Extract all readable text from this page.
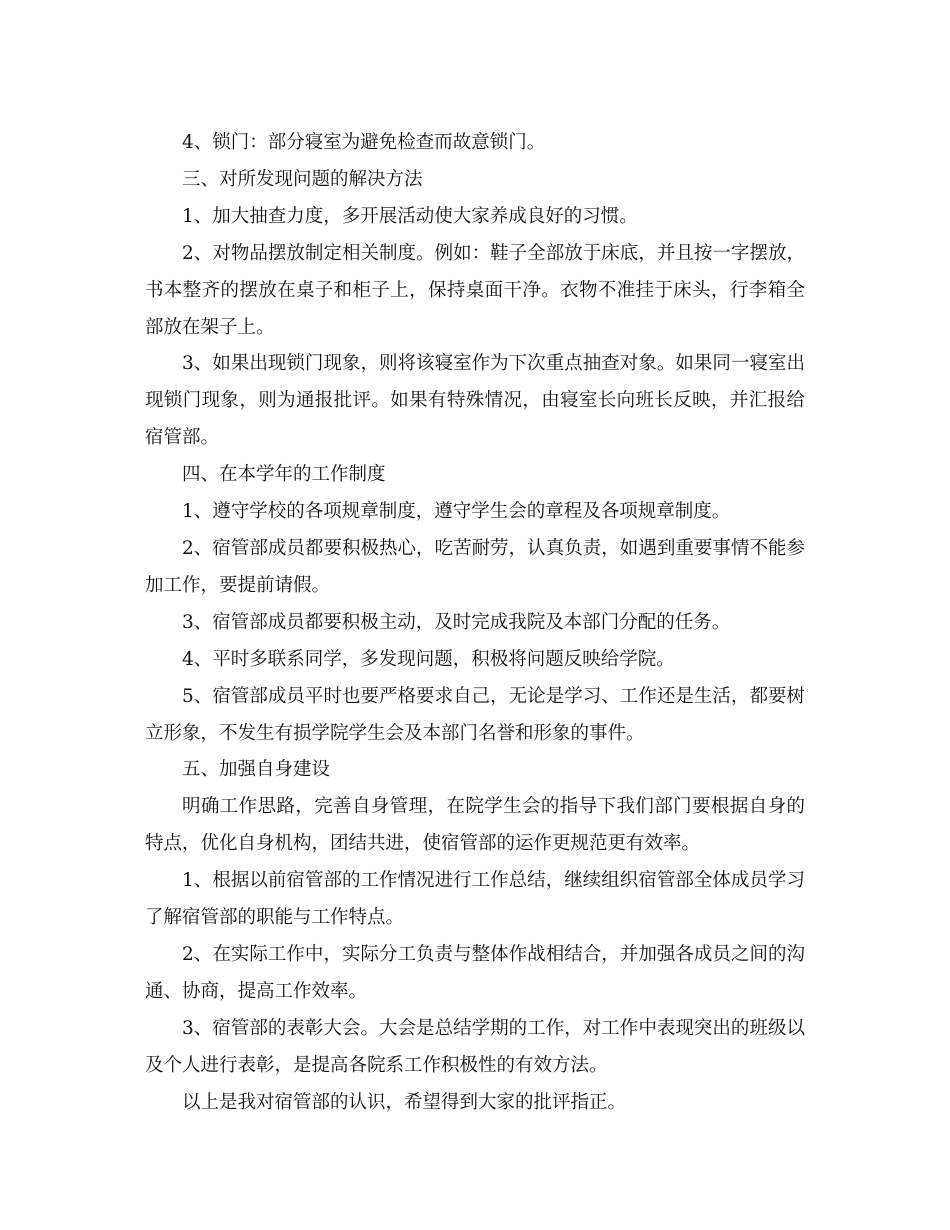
4、锁门：部分寝室为避免检查而故意锁门。

三、对所发现问题的解决方法

1、加大抽查力度，多开展活动使大家养成良好的习惯。

2、对物品摆放制定相关制度。例如：鞋子全部放于床底，并且按一字摆放，书本整齐的摆放在桌子和柜子上，保持桌面干净。衣物不准挂于床头，行李箱全部放在架子上。

3、如果出现锁门现象，则将该寝室作为下次重点抽查对象。如果同一寝室出现锁门现象，则为通报批评。如果有特殊情况，由寝室长向班长反映，并汇报给宿管部。

四、在本学年的工作制度

1、遵守学校的各项规章制度，遵守学生会的章程及各项规章制度。

2、宿管部成员都要积极热心，吃苦耐劳，认真负责，如遇到重要事情不能参加工作，要提前请假。

3、宿管部成员都要积极主动，及时完成我院及本部门分配的任务。

4、平时多联系同学，多发现问题，积极将问题反映给学院。

5、宿管部成员平时也要严格要求自己，无论是学习、工作还是生活，都要树立形象，不发生有损学院学生会及本部门名誉和形象的事件。

五、加强自身建设

明确工作思路，完善自身管理，在院学生会的指导下我们部门要根据自身的特点，优化自身机构，团结共进，使宿管部的运作更规范更有效率。

1、根据以前宿管部的工作情况进行工作总结，继续组织宿管部全体成员学习了解宿管部的职能与工作特点。

2、在实际工作中，实际分工负责与整体作战相结合，并加强各成员之间的沟通、协商，提高工作效率。

3、宿管部的表彰大会。大会是总结学期的工作，对工作中表现突出的班级以及个人进行表彰，是提高各院系工作积极性的有效方法。

以上是我对宿管部的认识，希望得到大家的批评指正。
